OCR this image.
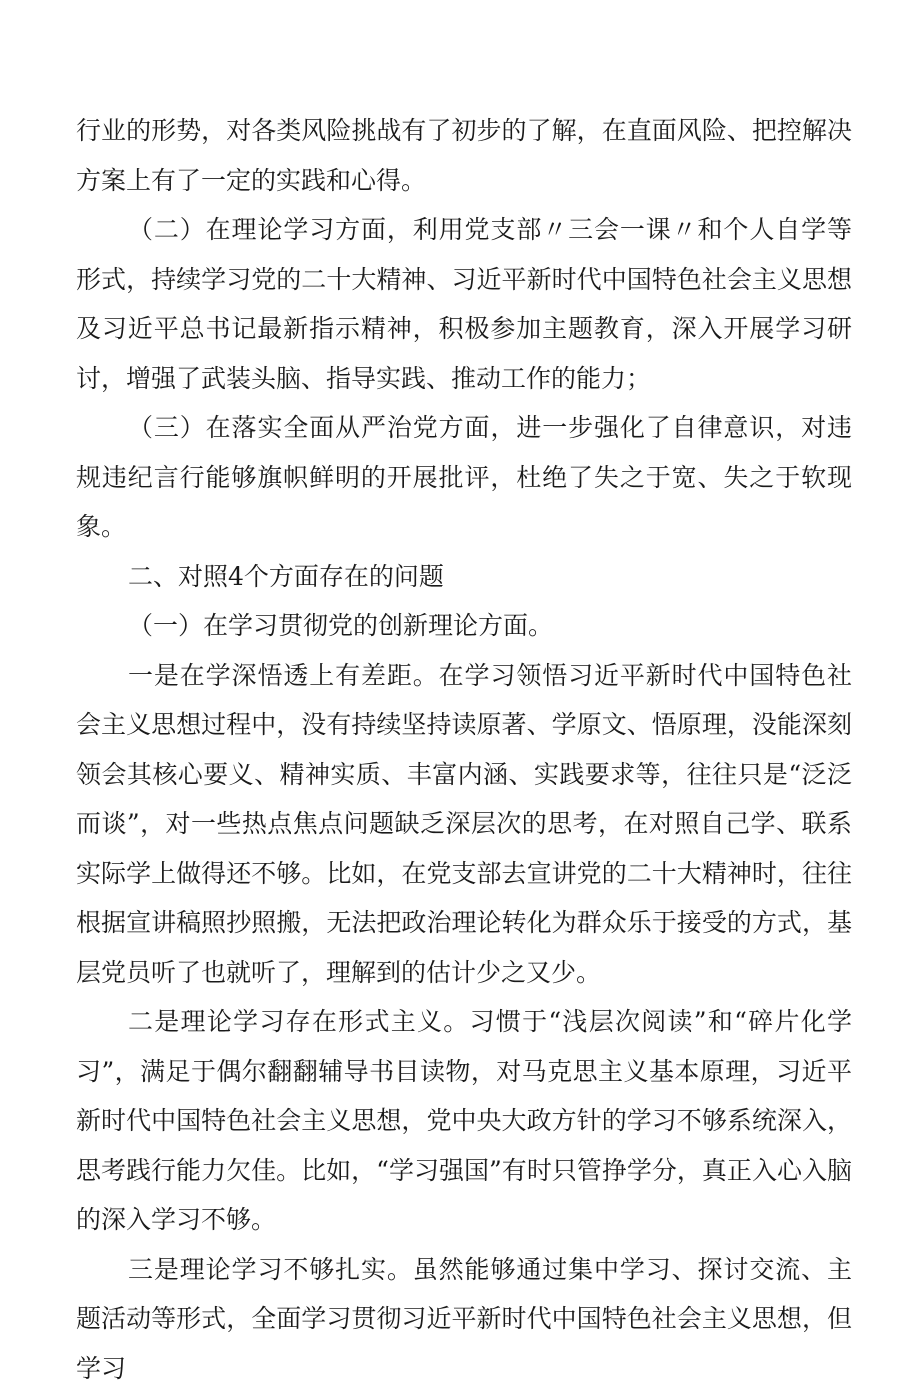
行业的形势，对各类风险挑战有了初步的了解，在直面风险、把控解决方案上有了一定的实践和心得。

（二）在理论学习方面，利用党支部〃三会一课〃和个人自学等形式，持续学习党的二十大精神、习近平新时代中国特色社会主义思想及习近平总书记最新指示精神，积极参加主题教育，深入开展学习研讨，增强了武装头脑、指导实践、推动工作的能力；

（三）在落实全面从严治党方面，进一步强化了自律意识，对违规违纪言行能够旗帜鲜明的开展批评，杜绝了失之于宽、失之于软现象。

二、对照4个方面存在的问题

（一）在学习贯彻党的创新理论方面。

一是在学深悟透上有差距。在学习领悟习近平新时代中国特色社会主义思想过程中，没有持续坚持读原著、学原文、悟原理，没能深刻领会其核心要义、精神实质、丰富内涵、实践要求等，往往只是“泛泛而谈”，对一些热点焦点问题缺乏深层次的思考，在对照自己学、联系实际学上做得还不够。比如，在党支部去宣讲党的二十大精神时，往往根据宣讲稿照抄照搬，无法把政治理论转化为群众乐于接受的方式，基层党员听了也就听了，理解到的估计少之又少。

二是理论学习存在形式主义。习惯于“浅层次阅读”和“碎片化学习”，满足于偶尔翻翻辅导书目读物，对马克思主义基本原理，习近平新时代中国特色社会主义思想，党中央大政方针的学习不够系统深入，思考践行能力欠佳。比如，“学习强国”有时只管挣学分，真正入心入脑的深入学习不够。

三是理论学习不够扎实。虽然能够通过集中学习、探讨交流、主题活动等形式，全面学习贯彻习近平新时代中国特色社会主义思想，但学习
